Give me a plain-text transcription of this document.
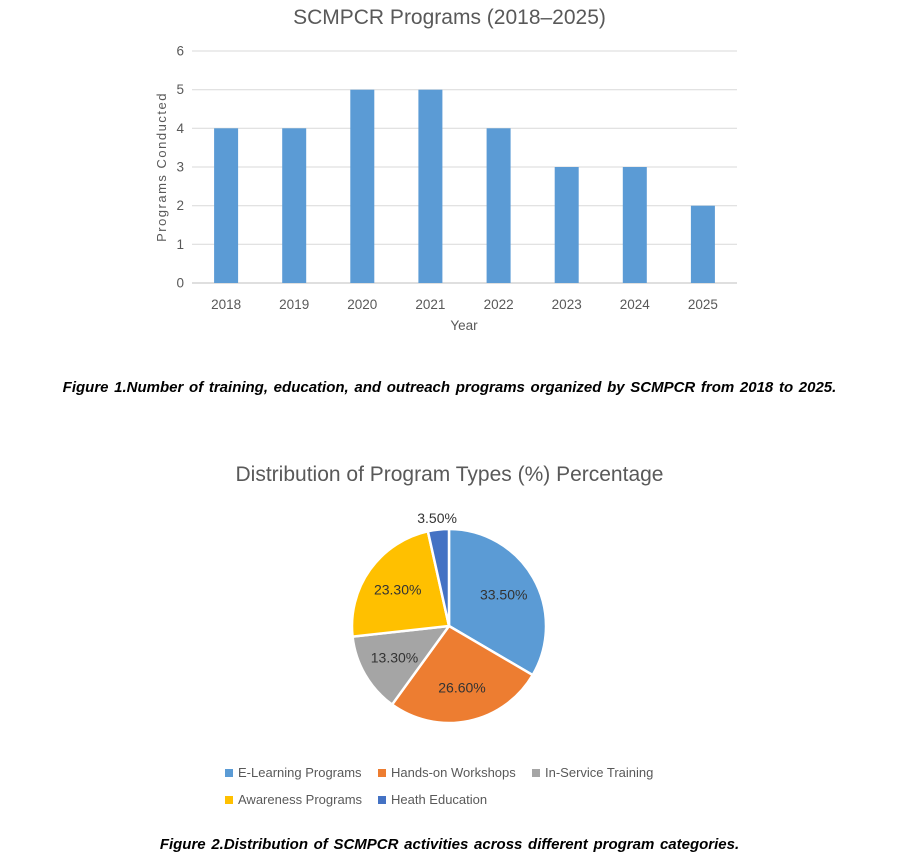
SCMPCR Programs (2018–2025)
0
1
2
3
4
5
6
2018	2019	2020	2021	2022	2023	2024	2025
Programs Conducted
Year

Figure 1.Number of training, education, and outreach programs organized by SCMPCR from 2018 to 2025.

Distribution of Program Types (%) Percentage
33.50%
26.60%
13.30%
23.30%
3.50%
E-Learning Programs	Hands-on Workshops	In-Service Training
Awareness Programs	Heath Education

Figure 2.Distribution of SCMPCR activities across different program categories.
